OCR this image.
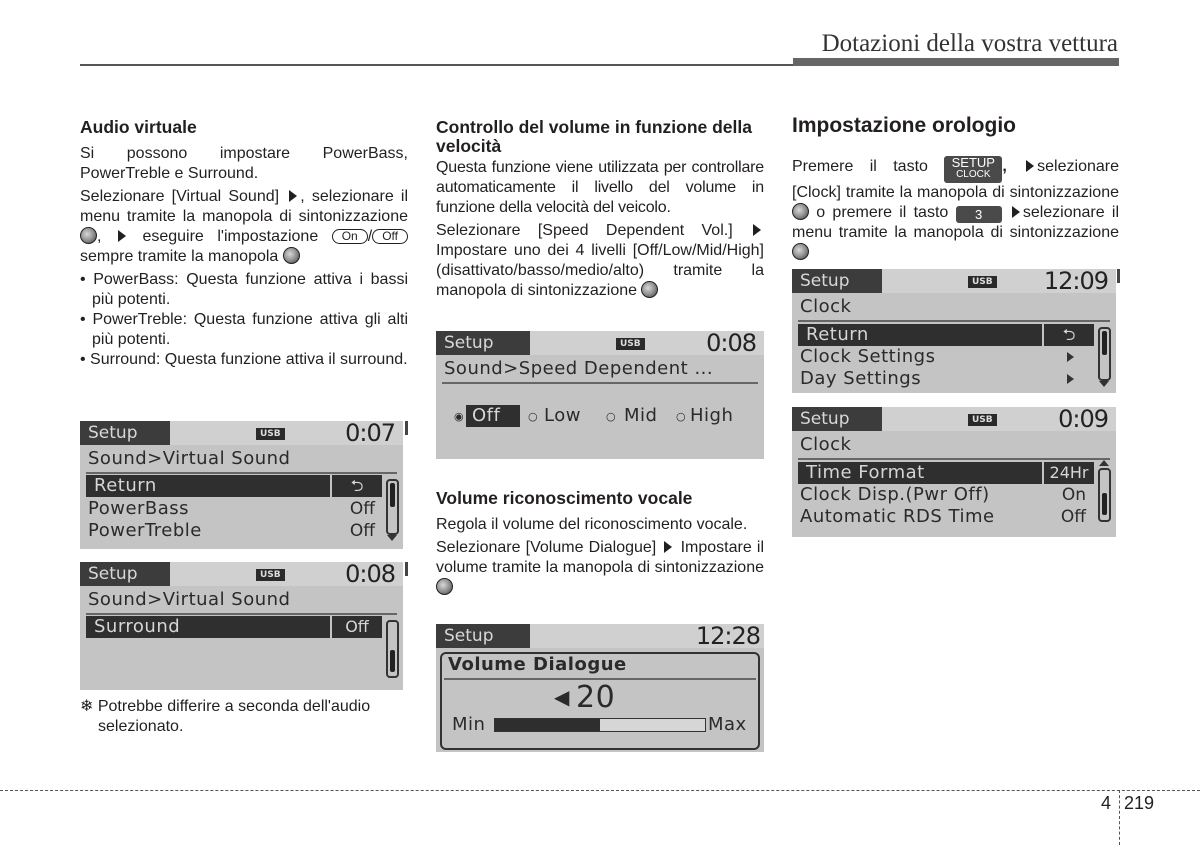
Dotazioni della vostra vettura
Audio virtuale

Si possono impostare PowerBass, PowerTreble e Surround.

Selezionare [Virtual Sound] , selezionare il menu tramite la manopola di sintonizzazione ,	eseguire l'impostazione On / Off sempre tramite la manopola

• PowerBass: Questa funzione attiva i bassi più potenti.
• PowerTreble: Questa funzione attiva gli alti più potenti.
• Surround: Questa funzione attiva il surround.
Setup	USB	0:07
Sound>Virtual Sound
Return	⮌
PowerBass	Off
PowerTreble	Off
Setup	USB	0:08
Sound>Virtual Sound
Surround	Off
❄ Potrebbe differire a seconda dell'audio selezionato.
Controllo del volume in funzione della velocità

Questa funzione viene utilizzata per controllare automaticamente il livello del volume in funzione della velocità del veicolo.

Selezionare [Speed Dependent Vol.]  Impostare uno dei 4 livelli [Off/Low/Mid/High] (disattivato/basso/medio/alto) tramite la manopola di sintonizzazione

Setup	USB	0:08
Sound>Speed Dependent ...
◉ Off	○ Low ○ Mid ○ High
Volume riconoscimento vocale

Regola il volume del riconoscimento vocale.

Selezionare [Volume Dialogue] Impostare il volume tramite la manopola di sintonizzazione

Setup	12:28
Volume Dialogue
◀ 20
Min	Max
Impostazione orologio

Premere il tasto SETUP
CLOCK , selezionare [Clock] tramite la manopola di sintonizzazione  o premere il tasto 3	selezionare il menu tramite la manopola di sintonizzazione

Setup	USB 12:09
Clock
Return	⮌
Clock Settings
Day Settings
Setup	USB	0:09
Clock
Time Format	24Hr
Clock Disp.(Pwr Off)	On
Automatic RDS Time	Off
4 219
